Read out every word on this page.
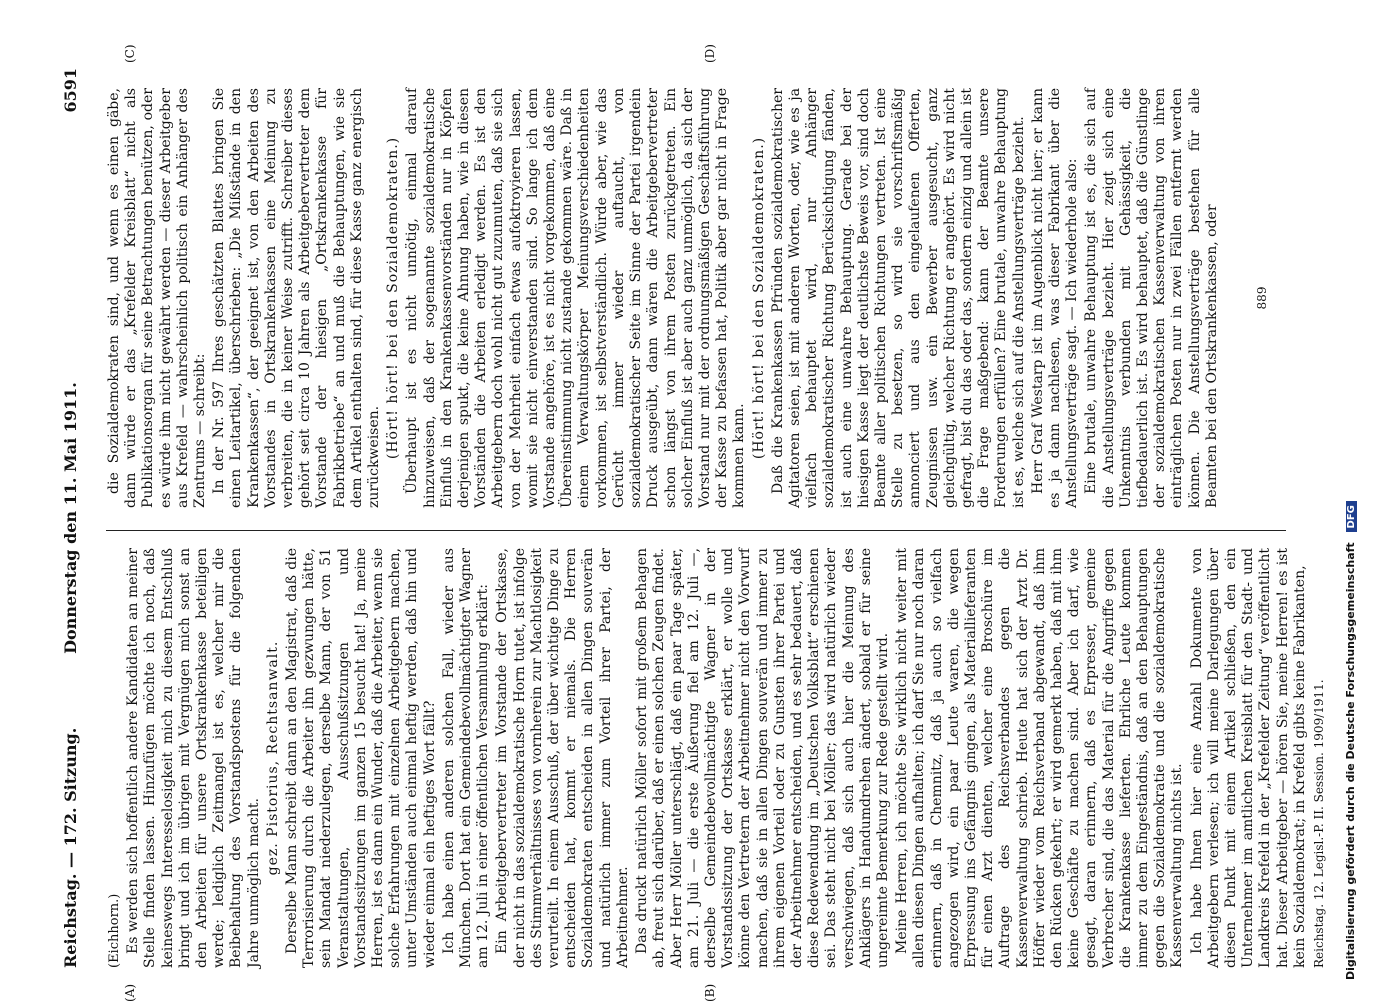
Reichstag. — 172. Sitzung.
Donnerstag den 11. Mai 1911.
6591

(Eichhorn.) Es werden sich hoffentlich andere Kandidaten an meiner Stelle finden lassen. Hinzufügen möchte ich noch, daß keineswegs Interesselosigkeit mich zu diesem Entschluß bringt und ich im übrigen mit Vergnügen mich sonst an den Arbeiten für unsere Ortskrankenkasse beteiligen werde; lediglich Zeitmangel ist es, welcher mir die Beibehaltung des Vorstandspostens für die folgenden Jahre unmöglich macht.

gez. Pistorius, Rechtsanwalt. Derselbe Mann schreibt dann an den Magistrat, daß die Terrorisierung durch die Arbeiter ihn gezwungen hätte, sein Mandat niederzulegen, derselbe Mann, der von 51 Veranstaltungen, Ausschußsitzungen und Vorstandssitzungen im ganzen 15 besucht hat! Ja, meine Herren, ist es dann ein Wunder, daß die Arbeiter, wenn sie solche Erfahrungen mit einzelnen Arbeitgebern machen, unter Umständen auch einmal heftig werden, daß hin und wieder einmal ein heftiges Wort fällt? Ich habe einen anderen solchen Fall, wieder aus München. Dort hat ein Gemeindebevollmächtigter Wagner am 12. Juli in einer öffentlichen Versammlung erklärt: Ein Arbeitgebervertreter im Vorstande der Ortskasse, der nicht in das sozialdemokratische Horn tutet, ist infolge des Stimmverhältnisses von vornherein zur Machtlosigkeit verurteilt. In einem Ausschuß, der über wichtige Dinge zu entscheiden hat, kommt er niemals. Die Herren Sozialdemokraten entscheiden in allen Dingen souverän und natürlich immer zum Vorteil ihrer Partei, der Arbeitnehmer. Das druckt natürlich Möller sofort mit großem Behagen ab, freut sich darüber, daß er einen solchen Zeugen findet. Aber Herr Möller unterschlägt, daß ein paar Tage später, am 21. Juli — die erste Äußerung fiel am 12. Juli —, derselbe Gemeindebevollmächtigte Wagner in der Vorstandssitzung der Ortskasse erklärt, er wolle und könne den Vertretern der Arbeitnehmer nicht den Vorwurf machen, daß sie in allen Dingen souverän und immer zu ihrem eigenen Vorteil oder zu Gunsten ihrer Partei und der Arbeitnehmer entscheiden, und es sehr bedauert, daß diese Redewendung im „Deutschen Volksblatt“ erschienen sei. Das steht nicht bei Möller; das wird natürlich wieder verschwiegen, daß sich auch hier die Meinung des Anklägers in Handumdrehen ändert, sobald er für seine ungereimte Bemerkung zur Rede gestellt wird. Meine Herren, ich möchte Sie wirklich nicht weiter mit allen diesen Dingen aufhalten; ich darf Sie nur noch daran erinnern, daß in Chemnitz, daß ja auch so vielfach angezogen wird, ein paar Leute waren, die wegen Erpressung ins Gefängnis gingen, als Materiallieferanten für einen Arzt dienten, welcher eine Broschüre im Auftrage des Reichsverbandes gegen die Kassenverwaltung schrieb. Heute hat sich der Arzt Dr. Höffer wieder vom Reichsverband abgewandt, daß ihm den Rücken gekehrt; er wird gemerkt haben, daß mit ihm keine Geschäfte zu machen sind. Aber ich darf, wie gesagt, daran erinnern, daß es Erpresser, gemeine Verbrecher sind, die das Material für die Angriffe gegen die Krankenkasse lieferten. Ehrliche Leute kommen immer zu dem Eingeständnis, daß an den Behauptungen gegen die Sozialdemokratie und die sozialdemokratische Kassenverwaltung nichts ist. Ich habe Ihnen hier eine Anzahl Dokumente von Arbeitgebern verlesen; ich will meine Darlegungen über diesen Punkt mit einem Artikel schließen, den ein Unternehmer im amtlichen Kreisblatt für den Stadt- und Landkreis Krefeld in der „Krefelder Zeitung“ veröffentlicht hat. Dieser Arbeitgeber — hören Sie, meine Herren! es ist kein Sozialdemokrat; in Krefeld gibts keine Fabrikanten, Reichstag. 12. Legisl.-P. II. Session. 1909/1911.

die Sozialdemokraten sind, und wenn es einen gäbe, dann würde er das „Krefelder Kreisblatt“ nicht als Publikationsorgan für seine Betrachtungen benützen, oder es würde ihm nicht gewährt werden — dieser Arbeitgeber aus Krefeld — wahrscheinlich politisch ein Anhänger des Zentrums — schreibt: In der Nr. 597 Ihres geschätzten Blattes bringen Sie einen Leitartikel, überschrieben: „Die Mißstände in den Krankenkassen“, der geeignet ist, von den Arbeiten des Vorstandes in Ortskrankenkassen eine Meinung zu verbreiten, die in keiner Weise zutrifft. Schreiber dieses gehört seit circa 10 Jahren als Arbeitgebervertreter dem Vorstande der hiesigen „Ortskrankenkasse für Fabrikbetriebe“ an und muß die Behauptungen, wie sie dem Artikel enthalten sind, für diese Kasse ganz energisch zurückweisen. (Hört! hört! bei den Sozialdemokraten.) Überhaupt ist es nicht unnötig, einmal darauf hinzuweisen, daß der sogenannte sozialdemokratische Einfluß in den Krankenkassenvorständen nur in Köpfen derjenigen spukt, die keine Ahnung haben, wie in diesen Vorständen die Arbeiten erledigt werden. Es ist den Arbeitgebern doch wohl nicht gut zuzumuten, daß sie sich von der Mehrheit einfach etwas aufoktroyieren lassen, womit sie nicht einverstanden sind. So lange ich dem Vorstande angehöre, ist es nicht vorgekommen, daß eine Übereinstimmung nicht zustande gekommen wäre. Daß in einem Verwaltungskörper Meinungsverschiedenheiten vorkommen, ist selbstverständlich. Würde aber, wie das Gerücht immer wieder auftaucht, von sozialdemokratischer Seite im Sinne der Partei irgendein Druck ausgeübt, dann wären die Arbeitgebervertreter schon längst von ihrem Posten zurückgetreten. Ein solcher Einfluß ist aber auch ganz unmöglich, da sich der Vorstand nur mit der ordnungsmäßigen Geschäftsführung der Kasse zu befassen hat, Politik aber gar nicht in Frage kommen kann. (Hört! hört! bei den Sozialdemokraten.) Daß die Krankenkassen Pfründen sozialdemokratischer Agitatoren seien, ist mit anderen Worten, oder, wie es ja vielfach behauptet wird, nur Anhänger sozialdemokratischer Richtung Berücksichtigung fänden, ist auch eine unwahre Behauptung. Gerade bei der hiesigen Kasse liegt der deutlichste Beweis vor, sind doch Beamte aller politischen Richtungen vertreten. Ist eine Stelle zu besetzen, so wird sie vorschriftsmäßig annonciert und aus den eingelaufenen Offerten, Zeugnissen usw. ein Bewerber ausgesucht, ganz gleichgültig, welcher Richtung er angehört. Es wird nicht gefragt, bist du das oder das, sondern einzig und allein ist die Frage maßgebend: kann der Beamte unsere Forderungen erfüllen? Eine brutale, unwahre Behauptung ist es, welche sich auf die Anstellungsverträge bezieht. Herr Graf Westarp ist im Augenblick nicht hier; er kann es ja dann nachlesen, was dieser Fabrikant über die Anstellungsverträge sagt. — Ich wiederhole also: Eine brutale, unwahre Behauptung ist es, die sich auf die Anstellungsverträge bezieht. Hier zeigt sich eine Unkenntnis verbunden mit Gehässigkeit, die tiefbedauerlich ist. Es wird behauptet, daß die Günstlinge der sozialdemokratischen Kassenverwaltung von ihren einträglichen Posten nur in zwei Fällen entfernt werden können. Die Anstellungsverträge bestehen für alle Beamten bei den Ortskrankenkassen, oder	889
(A)	(B)
(C)	(D)
Digitalisierung gefördert durch die Deutsche Forschungsgemeinschaft DFG
